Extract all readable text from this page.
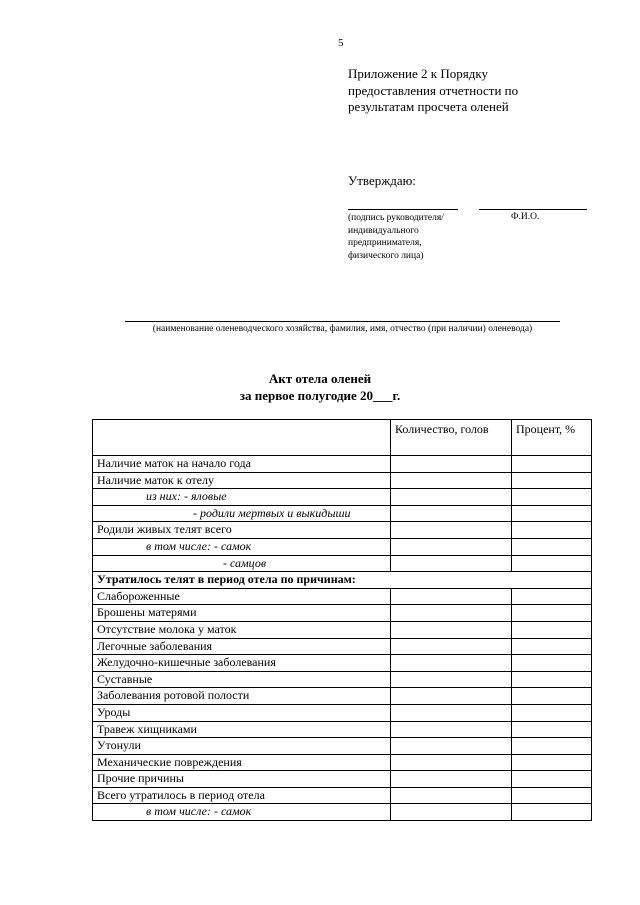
5
Приложение 2 к Порядку
предоставления отчетности по
результатам просчета оленей
Утверждаю:
(подпись руководителя/
индивидуального
предпринимателя,
физического лица)
Ф.И.О.
(наименование оленеводческого хозяйства, фамилия, имя, отчество (при наличии) оленевода)
Акт отела оленей
за первое полугодие 20___г.
	Количество, голов	Процент, %
Наличие маток на начало года		
Наличие маток к отелу		
из них: - яловые		
- родили мертвых и выкидыши		
Родили живых телят всего		
в том числе: - самок		
- самцов		
Утратилось телят в период отела по причинам:		
Слабороженные		
Брошены матерями		
Отсутствие молока у маток		
Легочные заболевания		
Желудочно-кишечные заболевания		
Суставные		
Заболевания ротовой полости		
Уроды		
Травеж хищниками		
Утонули		
Механические повреждения		
Прочие причины		
Всего утратилось в период отела		
в том числе: - самок		
